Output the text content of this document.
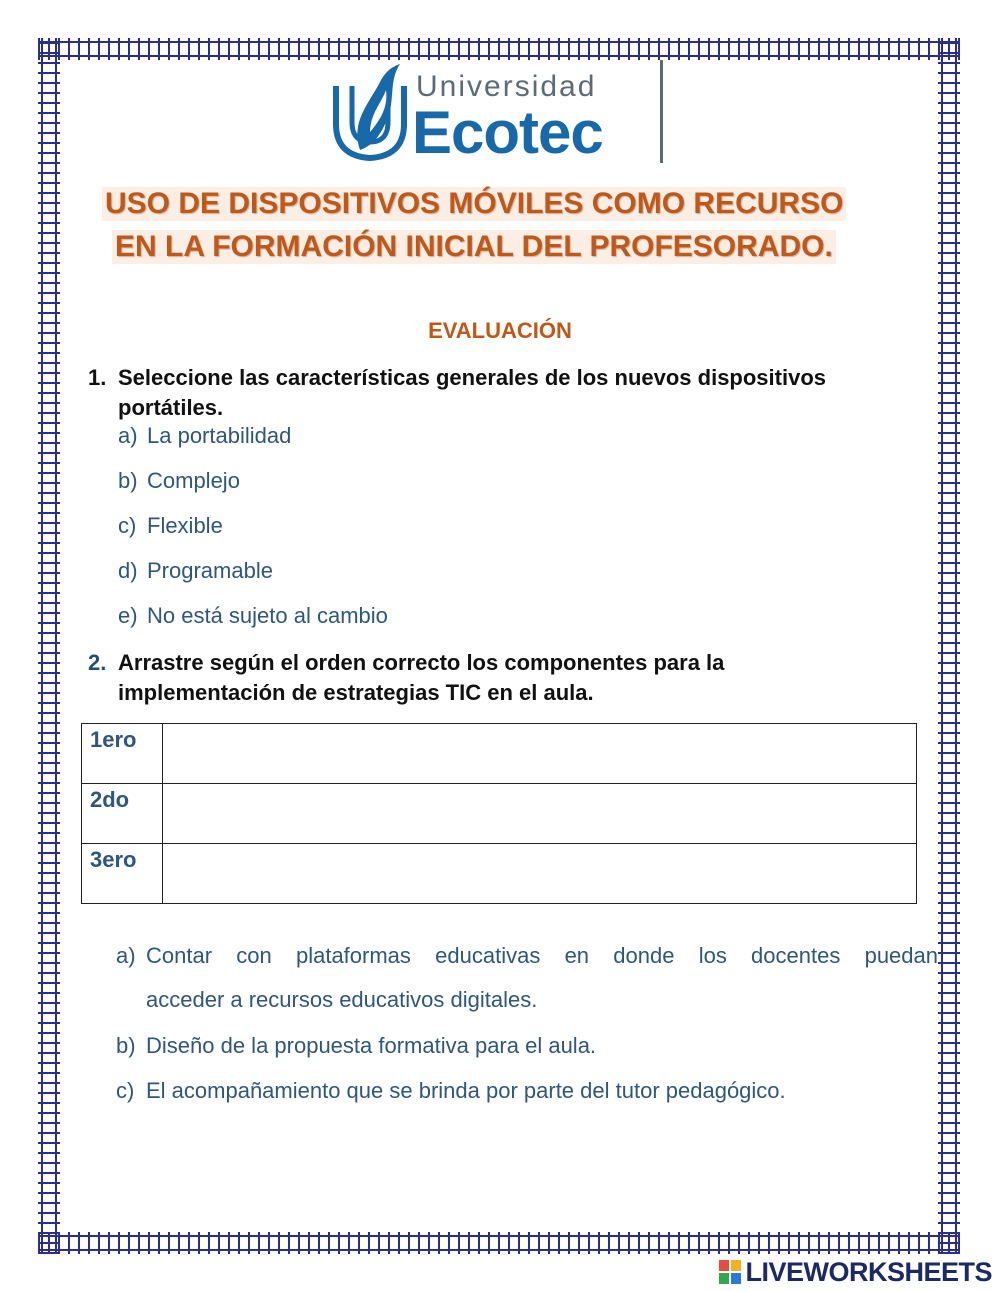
Universidad
Ecotec
USO DE DISPOSITIVOS MÓVILES COMO RECURSO
EN LA FORMACIÓN INICIAL DEL PROFESORADO.
EVALUACIÓN
1. Seleccione las características generales de los nuevos dispositivos portátiles.
a) La portabilidad
b) Complejo
c) Flexible
d) Programable
e) No está sujeto al cambio
2. Arrastre según el orden correcto los componentes para la implementación de estrategias TIC en el aula.
1ero	
2do	
3ero	
a) Contar con plataformas educativas en donde los docentes puedan
acceder a recursos educativos digitales.
b) Diseño de la propuesta formativa para el aula.
c) El acompañamiento que se brinda por parte del tutor pedagógico.
LIVEWORKSHEETS
